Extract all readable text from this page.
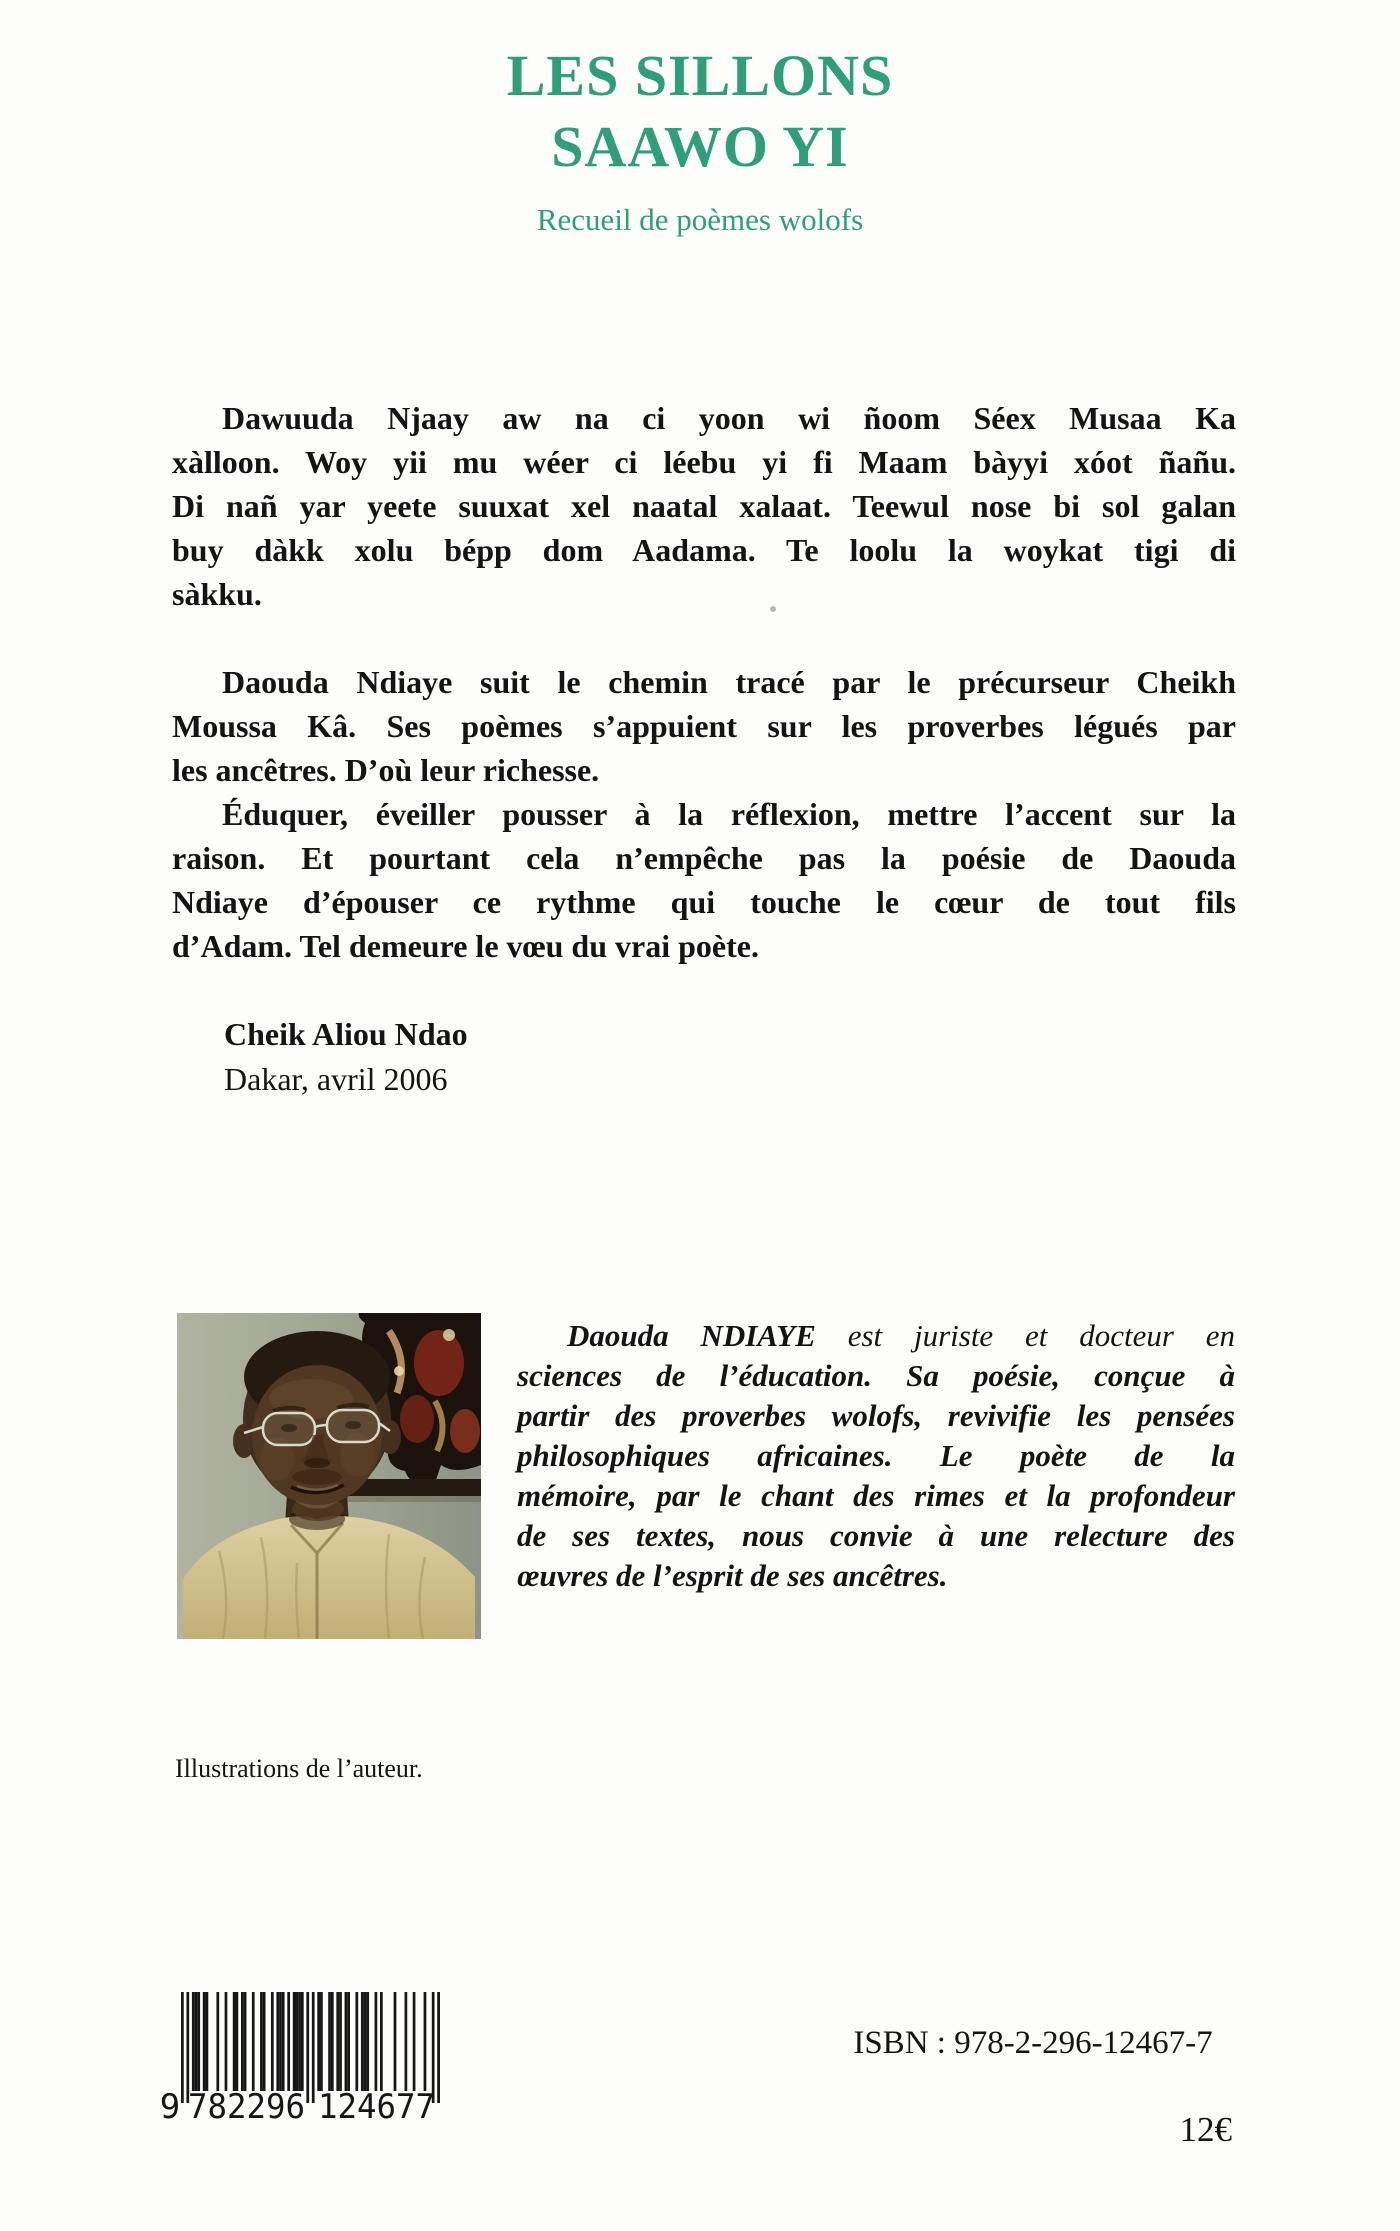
LES SILLONS
SAAWO YI
Recueil de poèmes wolofs
Dawuuda Njaay aw na ci yoon wi ñoom Séex Musaa Ka
xàlloon. Woy yii mu wéer ci léebu yi fi Maam bàyyi xóot ñañu.
Di nañ yar yeete suuxat xel naatal xalaat. Teewul nose bi sol galan
buy dàkk xolu bépp dom Aadama. Te loolu la woykat tigi di
sàkku.
Daouda Ndiaye suit le chemin tracé par le précurseur Cheikh
Moussa Kâ. Ses poèmes s’appuient sur les proverbes légués par
les ancêtres. D’où leur richesse.
Éduquer, éveiller pousser à la réflexion, mettre l’accent sur la
raison. Et pourtant cela n’empêche pas la poésie de Daouda
Ndiaye d’épouser ce rythme qui touche le cœur de tout fils
d’Adam. Tel demeure le vœu du vrai poète.
Cheik Aliou Ndao
Dakar, avril 2006
Daouda NDIAYE est juriste et docteur en
sciences de l’éducation. Sa poésie, conçue à
partir des proverbes wolofs, revivifie les pensées
philosophiques africaines. Le poète de la
mémoire, par le chant des rimes et la profondeur
de ses textes, nous convie à une relecture des
œuvres de l’esprit de ses ancêtres.
Illustrations de l’auteur.
9 782296 124677
ISBN : 978-2-296-12467-7
12€
